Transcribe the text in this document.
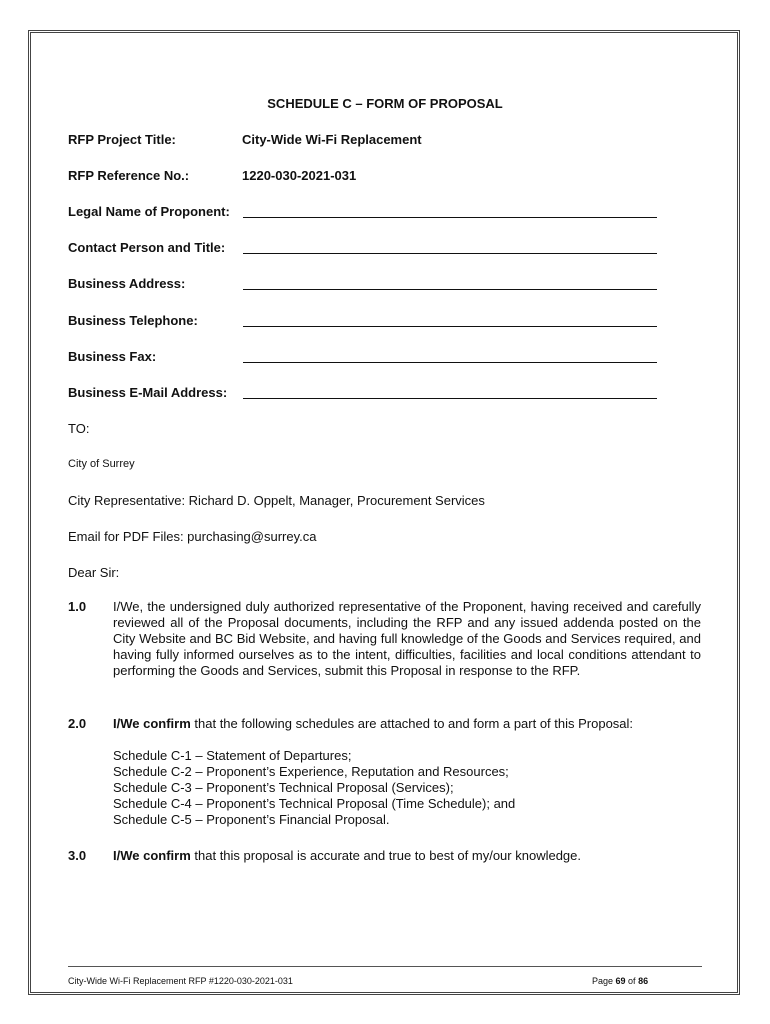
SCHEDULE C – FORM OF PROPOSAL
RFP Project Title:	City-Wide Wi-Fi Replacement
RFP Reference No.:	1220-030-2021-031
Legal Name of Proponent:
Contact Person and Title:
Business Address:
Business Telephone:
Business Fax:
Business E-Mail Address:
TO:
City of Surrey
City Representative: Richard D. Oppelt, Manager, Procurement Services
Email for PDF Files: purchasing@surrey.ca
Dear Sir:
1.0 I/We, the undersigned duly authorized representative of the Proponent, having received and carefully reviewed all of the Proposal documents, including the RFP and any issued addenda posted on the City Website and BC Bid Website, and having full knowledge of the Goods and Services required, and having fully informed ourselves as to the intent, difficulties, facilities and local conditions attendant to performing the Goods and Services, submit this Proposal in response to the RFP.
2.0 I/We confirm that the following schedules are attached to and form a part of this Proposal:
Schedule C-1 – Statement of Departures;
Schedule C-2 – Proponent’s Experience, Reputation and Resources;
Schedule C-3 – Proponent’s Technical Proposal (Services);
Schedule C-4 – Proponent’s Technical Proposal (Time Schedule); and
Schedule C-5 – Proponent’s Financial Proposal.
3.0 I/We confirm that this proposal is accurate and true to best of my/our knowledge.
City-Wide Wi-Fi Replacement RFP #1220-030-2021-031	Page 69 of 86
